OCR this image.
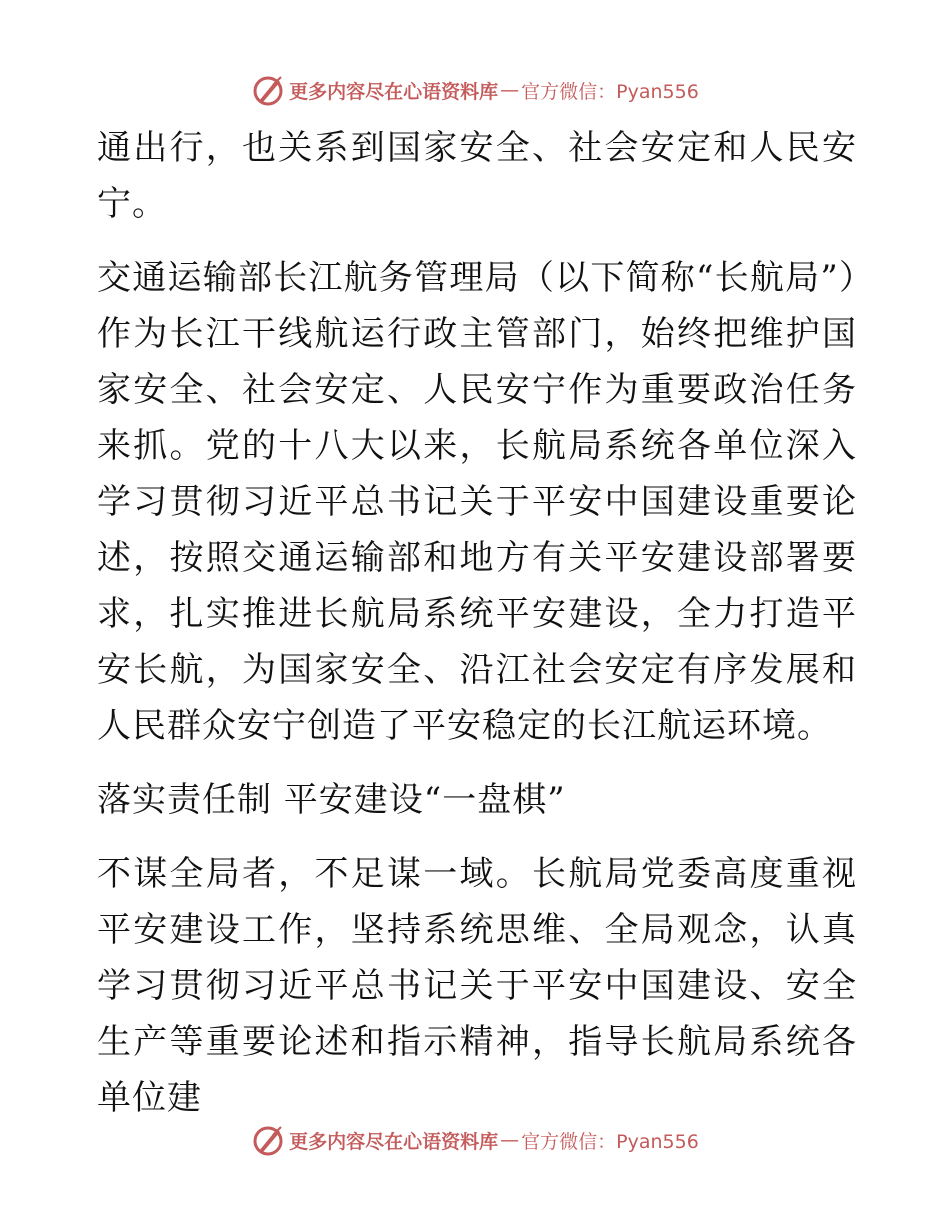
更多内容尽在心语资料库 — 官方微信：Pyan556

通出行，也关系到国家安全、社会安定和人民安宁。

交通运输部长江航务管理局（以下简称“长航局”）作为长江干线航运行政主管部门，始终把维护国家安全、社会安定、人民安宁作为重要政治任务来抓。党的十八大以来，长航局系统各单位深入学习贯彻习近平总书记关于平安中国建设重要论述，按照交通运输部和地方有关平安建设部署要求，扎实推进长航局系统平安建设，全力打造平安长航，为国家安全、沿江社会安定有序发展和人民群众安宁创造了平安稳定的长江航运环境。

落实责任制 平安建设“一盘棋”

不谋全局者，不足谋一域。长航局党委高度重视平安建设工作，坚持系统思维、全局观念，认真学习贯彻习近平总书记关于平安中国建设、安全生产等重要论述和指示精神，指导长航局系统各单位建

更多内容尽在心语资料库 — 官方微信：Pyan556
